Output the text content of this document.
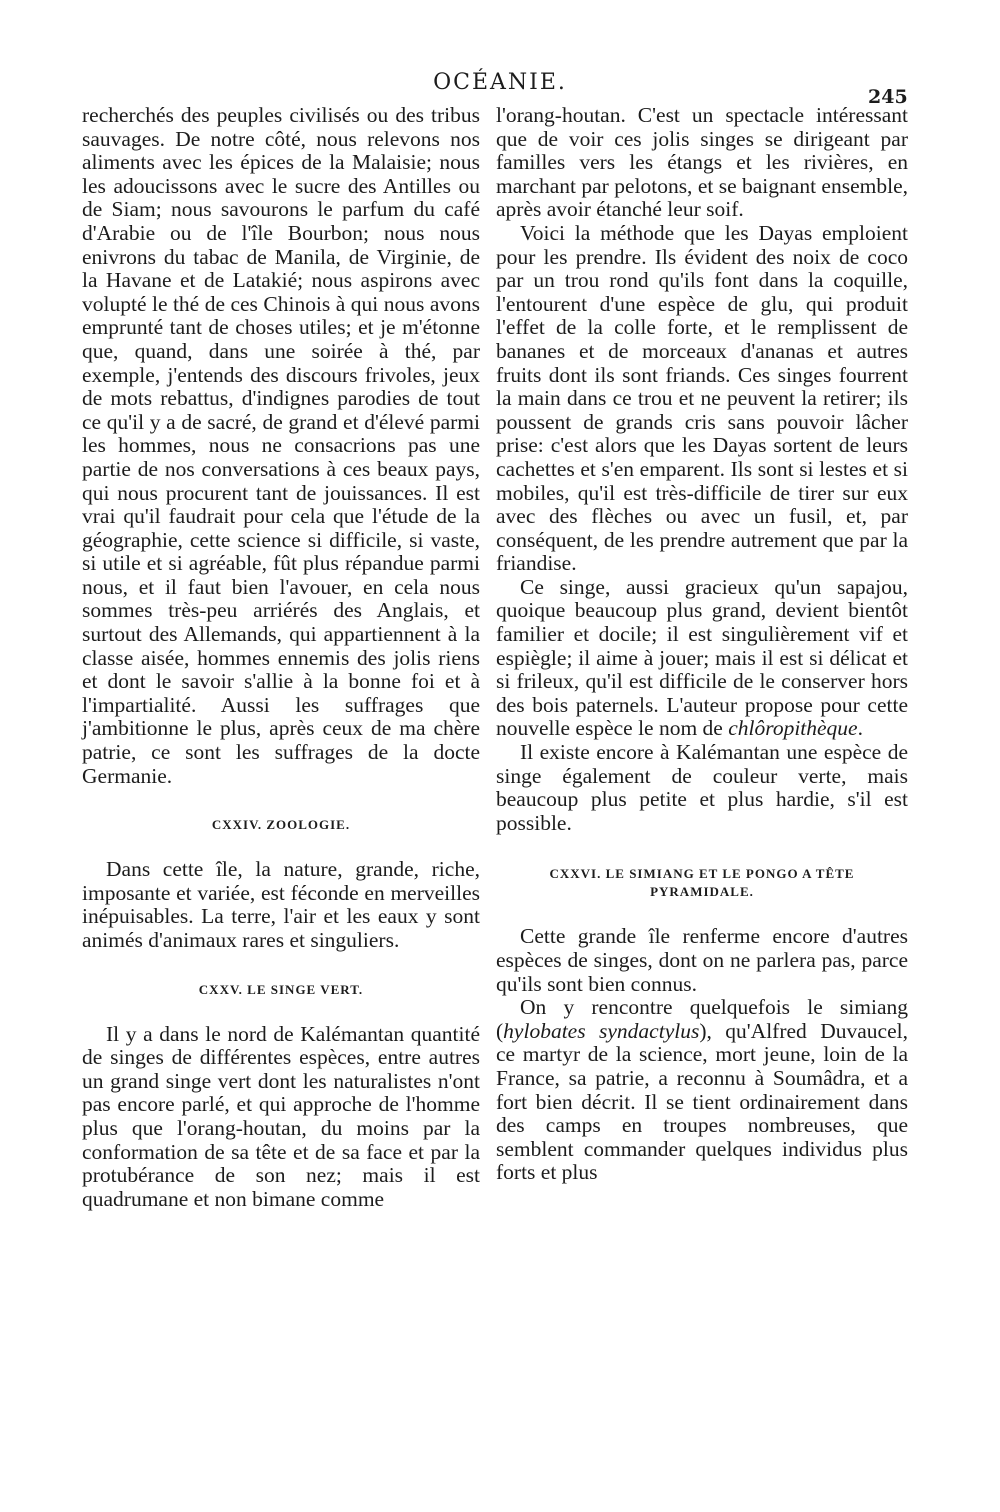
OCÉANIE.
245

recherchés des peuples civilisés ou des tribus sauvages. De notre côté, nous relevons nos aliments avec les épices de la Malaisie; nous les adoucissons avec le sucre des Antilles ou de Siam; nous savourons le parfum du café d'Arabie ou de l'île Bourbon; nous nous enivrons du tabac de Manila, de Virginie, de la Havane et de Latakié; nous aspirons avec volupté le thé de ces Chinois à qui nous avons emprunté tant de choses utiles; et je m'étonne que, quand, dans une soirée à thé, par exemple, j'entends des discours frivoles, jeux de mots rebattus, d'indignes parodies de tout ce qu'il y a de sacré, de grand et d'élevé parmi les hommes, nous ne consacrions pas une partie de nos conversations à ces beaux pays, qui nous procurent tant de jouissances. Il est vrai qu'il faudrait pour cela que l'étude de la géographie, cette science si difficile, si vaste, si utile et si agréable, fût plus répandue parmi nous, et il faut bien l'avouer, en cela nous sommes très-peu arriérés des Anglais, et surtout des Allemands, qui appartiennent à la classe aisée, hommes ennemis des jolis riens et dont le savoir s'allie à la bonne foi et à l'impartialité. Aussi les suffrages que j'ambitionne le plus, après ceux de ma chère patrie, ce sont les suffrages de la docte Germanie.

CXXIV. ZOOLOGIE.

Dans cette île, la nature, grande, riche, imposante et variée, est féconde en merveilles inépuisables. La terre, l'air et les eaux y sont animés d'animaux rares et singuliers.

CXXV. LE SINGE VERT.

Il y a dans le nord de Kalémantan quantité de singes de différentes espèces, entre autres un grand singe vert dont les naturalistes n'ont pas encore parlé, et qui approche de l'homme plus que l'orang-houtan, du moins par la conformation de sa tête et de sa face et par la protubérance de son nez; mais il est quadrumane et non bimane comme

l'orang-houtan. C'est un spectacle intéressant que de voir ces jolis singes se dirigeant par familles vers les étangs et les rivières, en marchant par pelotons, et se baignant ensemble, après avoir étanché leur soif.

Voici la méthode que les Dayas emploient pour les prendre. Ils évident des noix de coco par un trou rond qu'ils font dans la coquille, l'entourent d'une espèce de glu, qui produit l'effet de la colle forte, et le remplissent de bananes et de morceaux d'ananas et autres fruits dont ils sont friands. Ces singes fourrent la main dans ce trou et ne peuvent la retirer; ils poussent de grands cris sans pouvoir lâcher prise: c'est alors que les Dayas sortent de leurs cachettes et s'en emparent. Ils sont si lestes et si mobiles, qu'il est très-difficile de tirer sur eux avec des flèches ou avec un fusil, et, par conséquent, de les prendre autrement que par la friandise.

Ce singe, aussi gracieux qu'un sapajou, quoique beaucoup plus grand, devient bientôt familier et docile; il est singulièrement vif et espiègle; il aime à jouer; mais il est si délicat et si frileux, qu'il est difficile de le conserver hors des bois paternels. L'auteur propose pour cette nouvelle espèce le nom de chlôropithèque.

Il existe encore à Kalémantan une espèce de singe également de couleur verte, mais beaucoup plus petite et plus hardie, s'il est possible.

CXXVI. LE SIMIANG ET LE PONGO A TÊTE PYRAMIDALE.

Cette grande île renferme encore d'autres espèces de singes, dont on ne parlera pas, parce qu'ils sont bien connus.

On y rencontre quelquefois le simiang (hylobates syndactylus), qu'Alfred Duvaucel, ce martyr de la science, mort jeune, loin de la France, sa patrie, a reconnu à Soumâdra, et a fort bien décrit. Il se tient ordinairement dans des camps en troupes nombreuses, que semblent commander quelques individus plus forts et plus
